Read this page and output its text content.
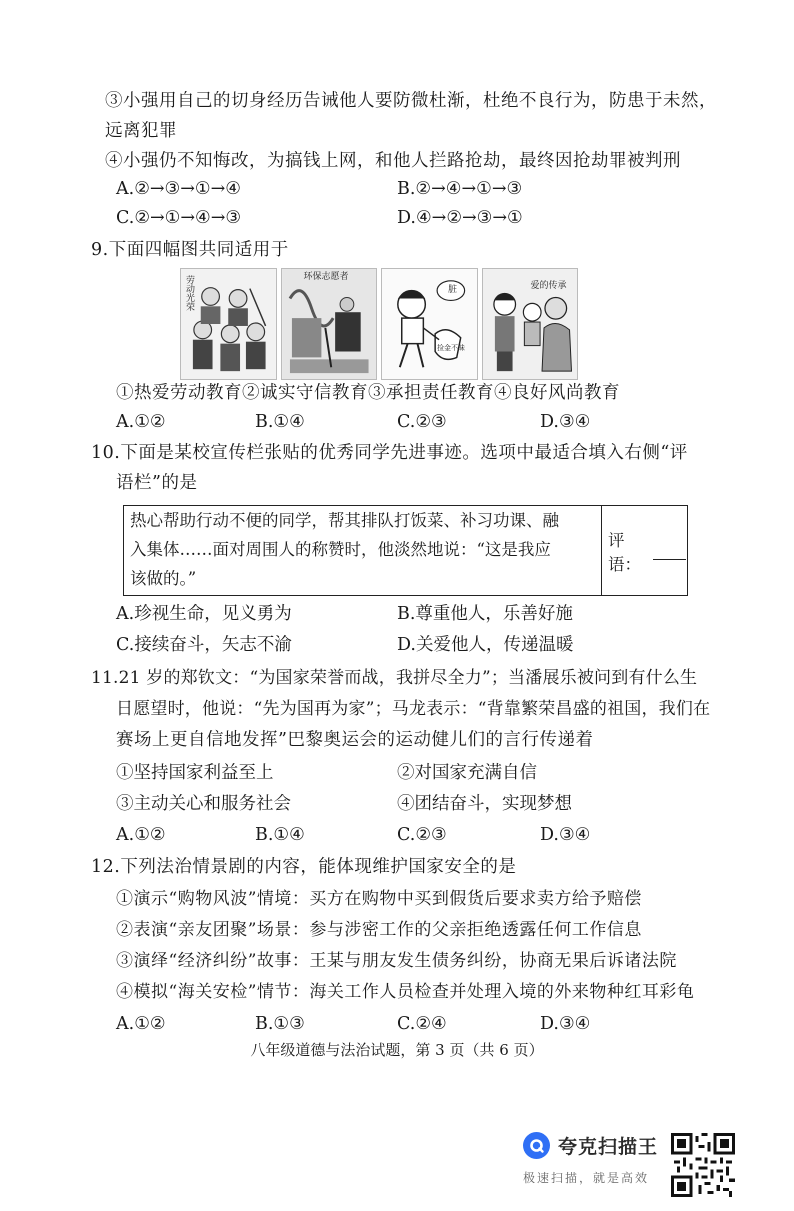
③小强用自己的切身经历告诫他人要防微杜渐，杜绝不良行为，防患于未然，
远离犯罪
④小强仍不知悔改，为搞钱上网，和他人拦路抢劫，最终因抢劫罪被判刑
A.②→③→①→④	B.②→④→①→③
C.②→①→④→③	D.④→②→③→①
9.下面四幅图共同适用于
劳动光荣	环保志愿者
脏
捡金不昧
爱的传承
①热爱劳动教育②诚实守信教育③承担责任教育④良好风尚教育
A.①②	B.①④	C.②③	D.③④
10.下面是某校宣传栏张贴的优秀同学先进事迹。选项中最适合填入右侧“评
语栏”的是
热心帮助行动不便的同学，帮其排队打饭菜、补习功课、融
入集体……面对周围人的称赞时，他淡然地说：“这是我应
该做的。”
评语：
A.珍视生命，见义勇为	B.尊重他人，乐善好施
C.接续奋斗，矢志不渝	D.关爱他人，传递温暖
11.21 岁的郑钦文：“为国家荣誉而战，我拼尽全力”；当潘展乐被问到有什么生
日愿望时，他说：“先为国再为家”；马龙表示：“背靠繁荣昌盛的祖国，我们在
赛场上更自信地发挥”巴黎奥运会的运动健儿们的言行传递着
①坚持国家利益至上	②对国家充满自信
③主动关心和服务社会	④团结奋斗，实现梦想
A.①②	B.①④	C.②③	D.③④
12.下列法治情景剧的内容，能体现维护国家安全的是
①演示“购物风波”情境：买方在购物中买到假货后要求卖方给予赔偿
②表演“亲友团聚”场景：参与涉密工作的父亲拒绝透露任何工作信息
③演绎“经济纠纷”故事：王某与朋友发生债务纠纷，协商无果后诉诸法院
④模拟“海关安检”情节：海关工作人员检查并处理入境的外来物种红耳彩龟
A.①②	B.①③	C.②④	D.③④
八年级道德与法治试题，第 3 页（共 6 页）
夸克扫描王
极速扫描，就是高效
